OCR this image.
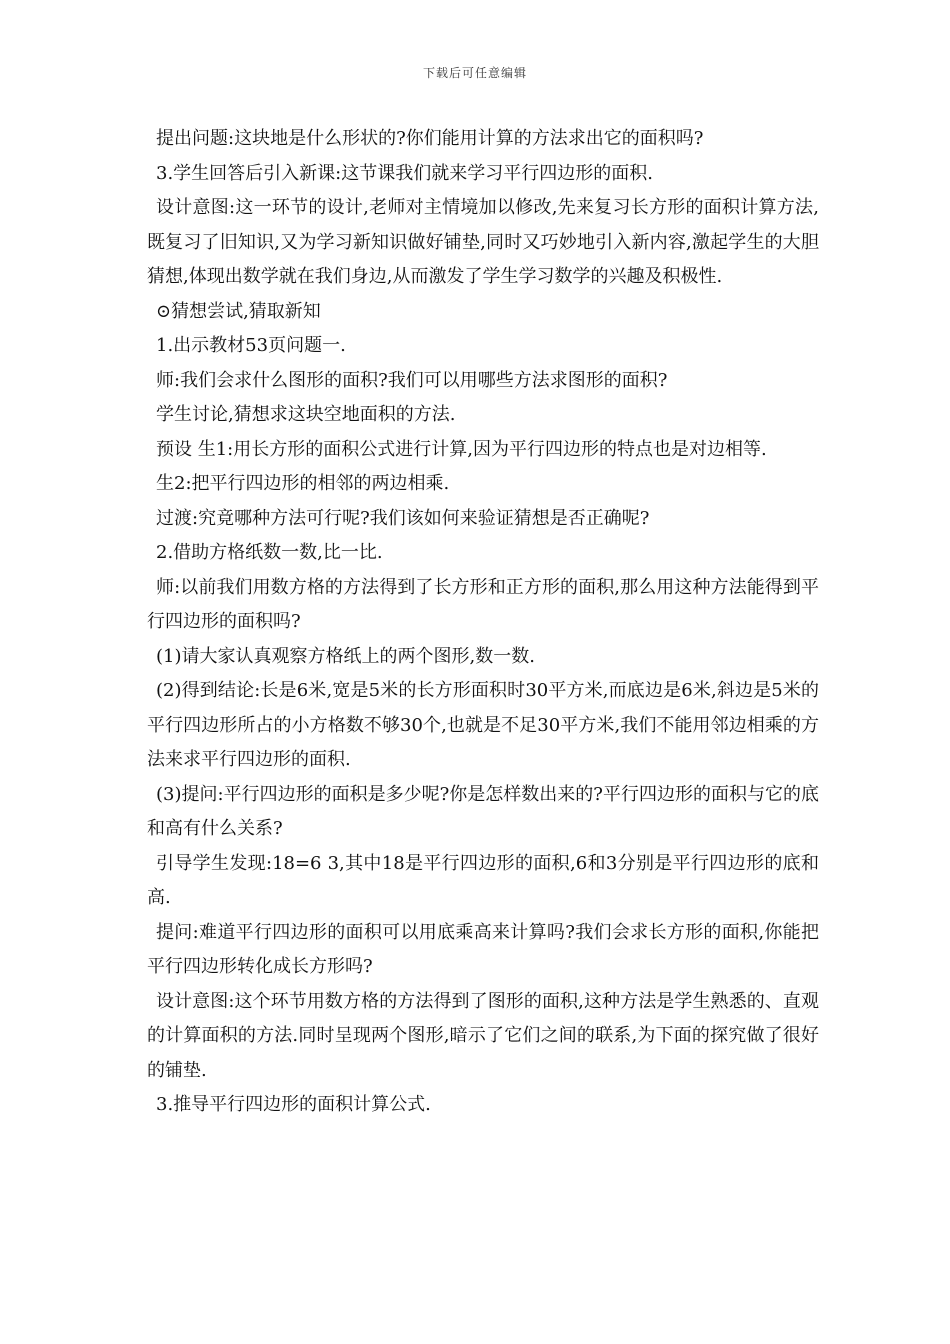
下载后可任意编辑

提出问题:这块地是什么形状的?你们能用计算的方法求出它的面积吗?

3.学生回答后引入新课:这节课我们就来学习平行四边形的面积.

设计意图:这一环节的设计,老师对主情境加以修改,先来复习长方形的面积计算方法,既复习了旧知识,又为学习新知识做好铺垫,同时又巧妙地引入新内容,激起学生的大胆猜想,体现出数学就在我们身边,从而激发了学生学习数学的兴趣及积极性.

⊙猜想尝试,猜取新知

1.出示教材53页问题一.

师:我们会求什么图形的面积?我们可以用哪些方法求图形的面积?

学生讨论,猜想求这块空地面积的方法.

预设 生1:用长方形的面积公式进行计算,因为平行四边形的特点也是对边相等.

生2:把平行四边形的相邻的两边相乘.

过渡:究竟哪种方法可行呢?我们该如何来验证猜想是否正确呢?

2.借助方格纸数一数,比一比.

师:以前我们用数方格的方法得到了长方形和正方形的面积,那么用这种方法能得到平行四边形的面积吗?

(1)请大家认真观察方格纸上的两个图形,数一数.

(2)得到结论:长是6米,宽是5米的长方形面积时30平方米,而底边是6米,斜边是5米的平行四边形所占的小方格数不够30个,也就是不足30平方米,我们不能用邻边相乘的方法来求平行四边形的面积.

(3)提问:平行四边形的面积是多少呢?你是怎样数出来的?平行四边形的面积与它的底和高有什么关系?

引导学生发现:18=6 3,其中18是平行四边形的面积,6和3分别是平行四边形的底和高.

提问:难道平行四边形的面积可以用底乘高来计算吗?我们会求长方形的面积,你能把平行四边形转化成长方形吗?

设计意图:这个环节用数方格的方法得到了图形的面积,这种方法是学生熟悉的、直观的计算面积的方法.同时呈现两个图形,暗示了它们之间的联系,为下面的探究做了很好的铺垫.

3.推导平行四边形的面积计算公式.
